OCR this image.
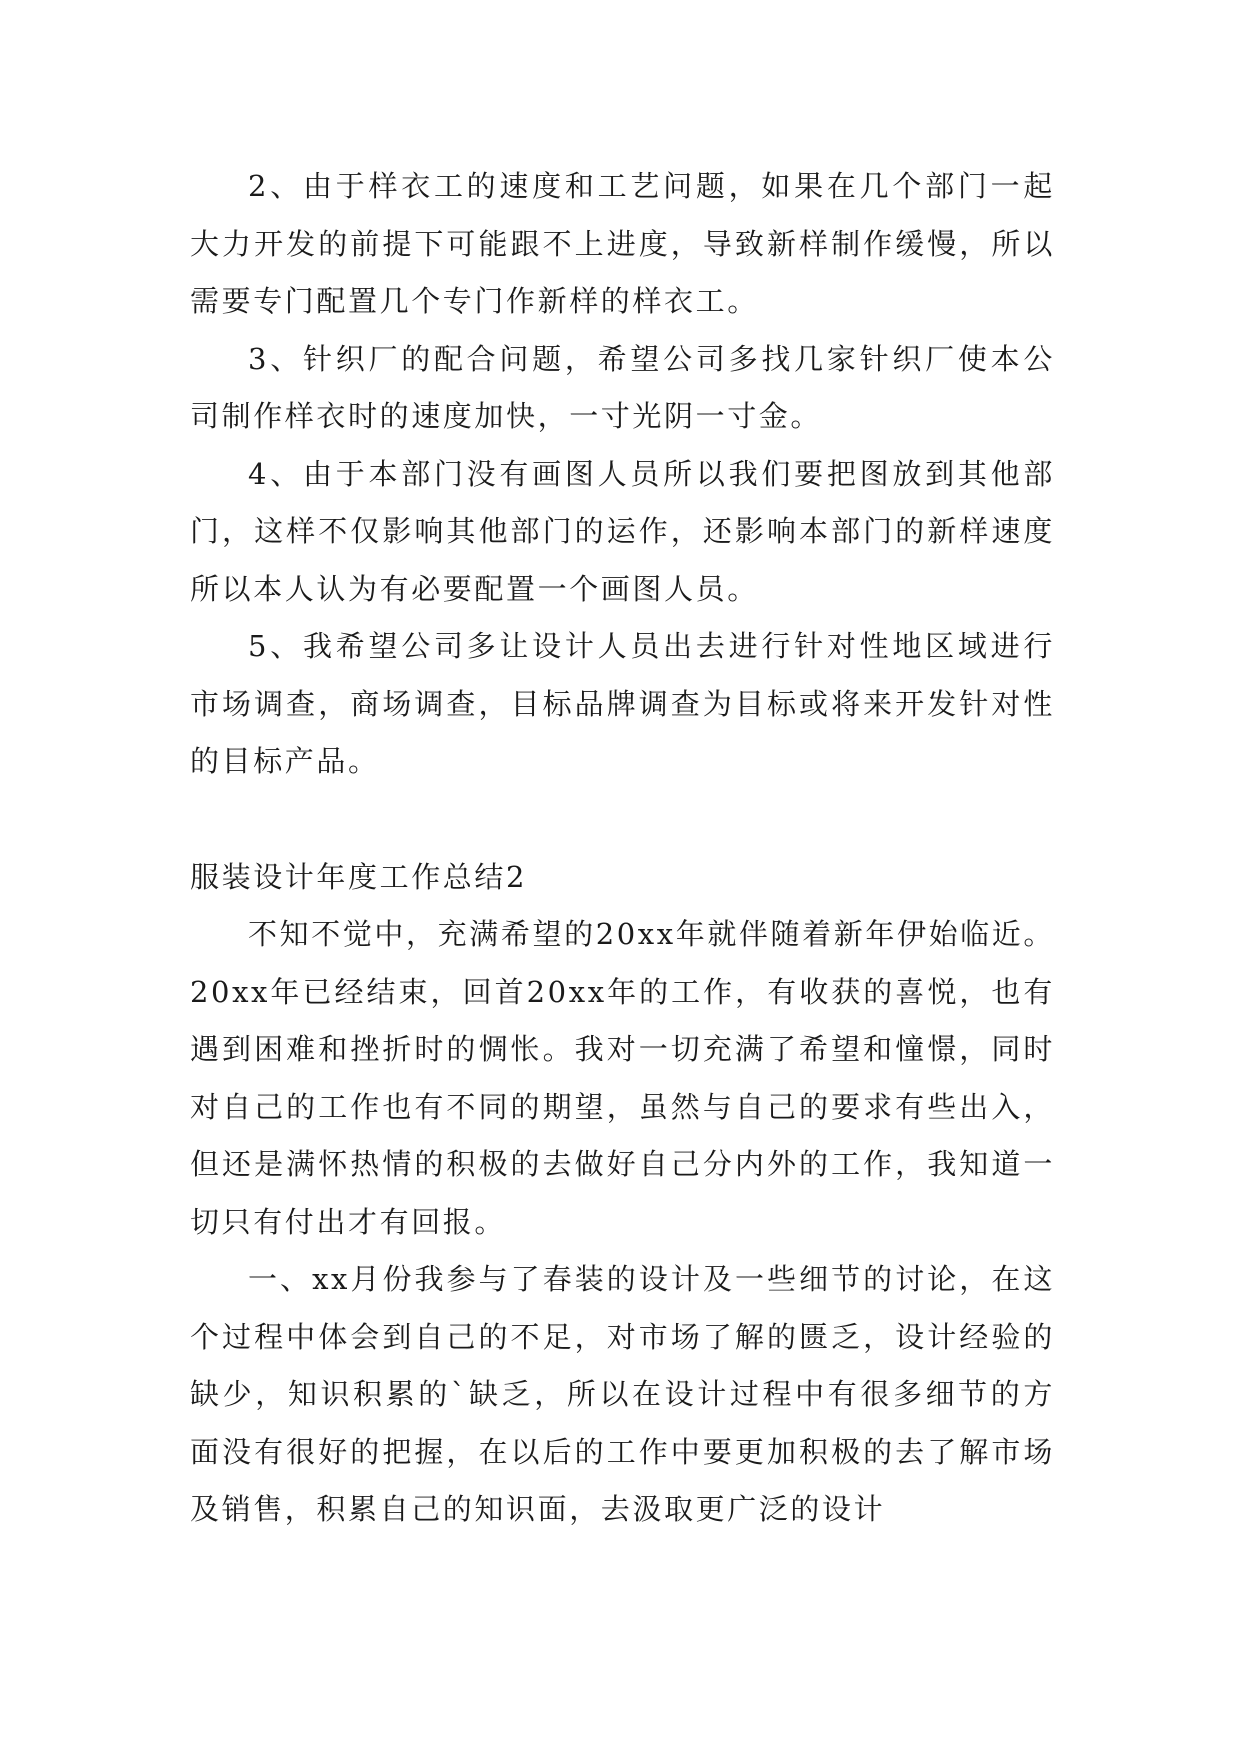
2、由于样衣工的速度和工艺问题，如果在几个部门一起大力开发的前提下可能跟不上进度，导致新样制作缓慢，所以需要专门配置几个专门作新样的样衣工。

3、针织厂的配合问题，希望公司多找几家针织厂使本公司制作样衣时的速度加快，一寸光阴一寸金。

4、由于本部门没有画图人员所以我们要把图放到其他部门，这样不仅影响其他部门的运作，还影响本部门的新样速度所以本人认为有必要配置一个画图人员。

5、我希望公司多让设计人员出去进行针对性地区域进行市场调查，商场调查，目标品牌调查为目标或将来开发针对性的目标产品。

服装设计年度工作总结2

不知不觉中，充满希望的20xx年就伴随着新年伊始临近。20xx年已经结束，回首20xx年的工作，有收获的喜悦，也有遇到困难和挫折时的惆怅。我对一切充满了希望和憧憬，同时对自己的工作也有不同的期望，虽然与自己的要求有些出入，但还是满怀热情的积极的去做好自己分内外的工作，我知道一切只有付出才有回报。

一、xx月份我参与了春装的设计及一些细节的讨论，在这个过程中体会到自己的不足，对市场了解的匮乏，设计经验的缺少，知识积累的`缺乏，所以在设计过程中有很多细节的方面没有很好的把握，在以后的工作中要更加积极的去了解市场及销售，积累自己的知识面，去汲取更广泛的设计
